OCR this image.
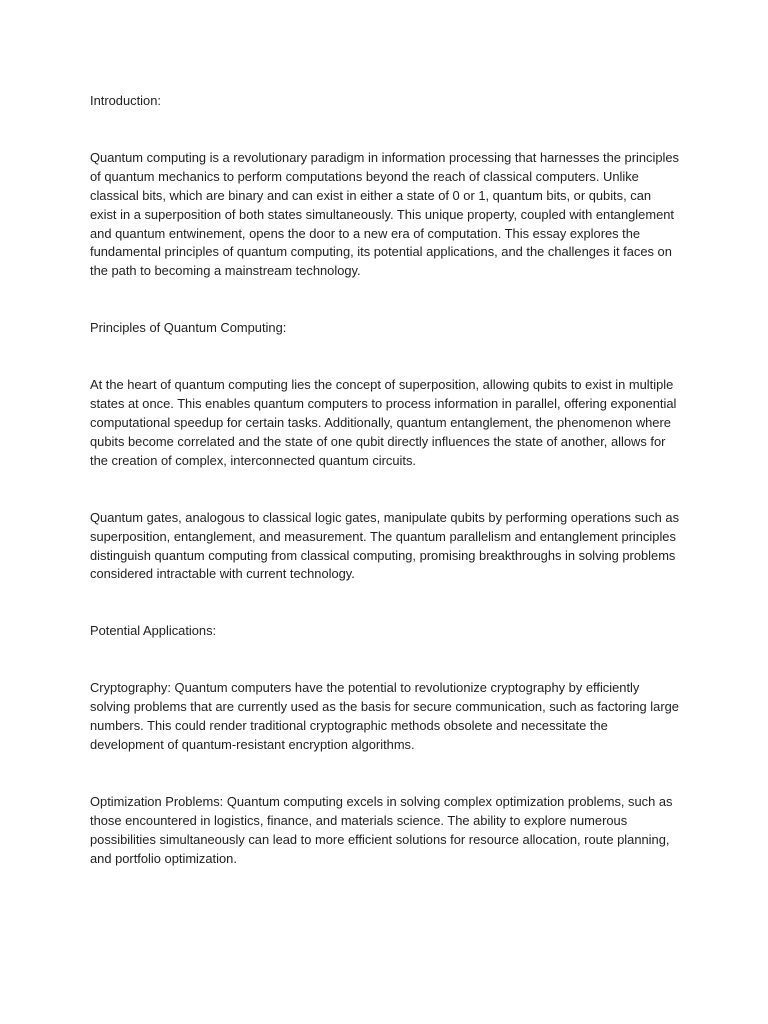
Introduction:

Quantum computing is a revolutionary paradigm in information processing that harnesses the principles of quantum mechanics to perform computations beyond the reach of classical computers. Unlike classical bits, which are binary and can exist in either a state of 0 or 1, quantum bits, or qubits, can exist in a superposition of both states simultaneously. This unique property, coupled with entanglement and quantum entwinement, opens the door to a new era of computation. This essay explores the fundamental principles of quantum computing, its potential applications, and the challenges it faces on the path to becoming a mainstream technology.

Principles of Quantum Computing:

At the heart of quantum computing lies the concept of superposition, allowing qubits to exist in multiple states at once. This enables quantum computers to process information in parallel, offering exponential computational speedup for certain tasks. Additionally, quantum entanglement, the phenomenon where qubits become correlated and the state of one qubit directly influences the state of another, allows for the creation of complex, interconnected quantum circuits.

Quantum gates, analogous to classical logic gates, manipulate qubits by performing operations such as superposition, entanglement, and measurement. The quantum parallelism and entanglement principles distinguish quantum computing from classical computing, promising breakthroughs in solving problems considered intractable with current technology.

Potential Applications:

Cryptography: Quantum computers have the potential to revolutionize cryptography by efficiently solving problems that are currently used as the basis for secure communication, such as factoring large numbers. This could render traditional cryptographic methods obsolete and necessitate the development of quantum-resistant encryption algorithms.

Optimization Problems: Quantum computing excels in solving complex optimization problems, such as those encountered in logistics, finance, and materials science. The ability to explore numerous possibilities simultaneously can lead to more efficient solutions for resource allocation, route planning, and portfolio optimization.
